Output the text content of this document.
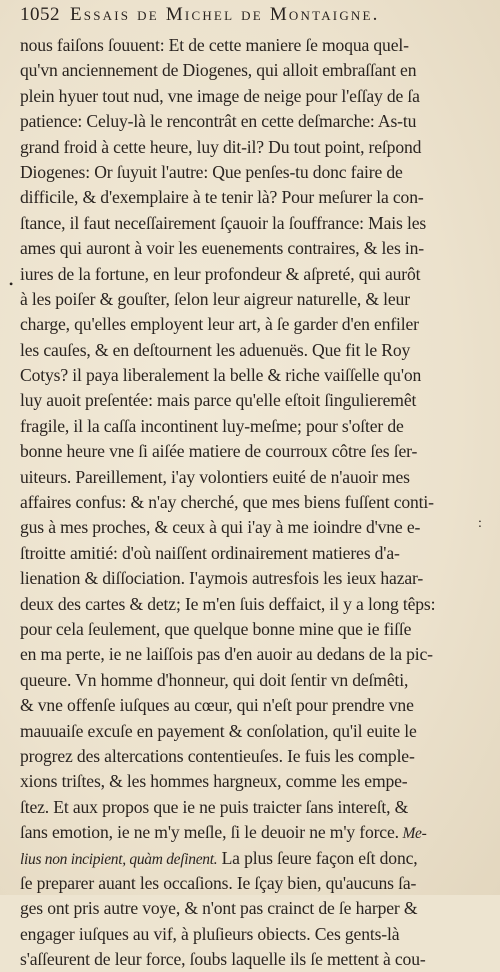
1052 Essais de Michel de Montaigne.
•
:
nous faiſons ſouuent: Et de cette maniere ſe moqua quel-
qu'vn anciennement de Diogenes, qui alloit embraſſant en
plein hyuer tout nud, vne image de neige pour l'eſſay de ſa
patience: Celuy-là le rencontrât en cette deſmarche: As-tu
grand froid à cette heure, luy dit-il? Du tout point, reſpond
Diogenes: Or ſuyuit l'autre: Que penſes-tu donc faire de
difficile, & d'exemplaire à te tenir là? Pour meſurer la con-
ſtance, il faut neceſſairement ſçauoir la ſouffrance: Mais les
ames qui auront à voir les euenements contraires, & les in-
iures de la fortune, en leur profondeur & aſpreté, qui aurôt
à les poiſer & gouſter, ſelon leur aigreur naturelle, & leur
charge, qu'elles employent leur art, à ſe garder d'en enfiler
les cauſes, & en deſtournent les aduenuës. Que fit le Roy
Cotys? il paya liberalement la belle & riche vaiſſelle qu'on
luy auoit preſentée: mais parce qu'elle eſtoit ſingulieremêt
fragile, il la caſſa incontinent luy-meſme; pour s'oſter de
bonne heure vne ſi aiſée matiere de courroux côtre ſes ſer-
uiteurs. Pareillement, i'ay volontiers euité de n'auoir mes
affaires confus: & n'ay cherché, que mes biens fuſſent conti-
gus à mes proches, & ceux à qui i'ay à me ioindre d'vne e-
ſtroitte amitié: d'où naiſſent ordinairement matieres d'a-
lienation & diſſociation. I'aymois autresfois les ieux hazar-
deux des cartes & detz; Ie m'en ſuis deffaict, il y a long têps:
pour cela ſeulement, que quelque bonne mine que ie fiſſe
en ma perte, ie ne laiſſois pas d'en auoir au dedans de la pic-
queure. Vn homme d'honneur, qui doit ſentir vn deſmêti,
& vne offenſe iuſques au cœur, qui n'eſt pour prendre vne
mauuaiſe excuſe en payement & conſolation, qu'il euite le
progrez des altercations contentieuſes. Ie fuis les comple-
xions triſtes, & les hommes hargneux, comme les empe-
ſtez. Et aux propos que ie ne puis traicter ſans intereſt, &
ſans emotion, ie ne m'y meſle, ſi le deuoir ne m'y force. Me-
lius non incipient, quàm deſinent. La plus ſeure façon eſt donc,
ſe preparer auant les occaſions. Ie ſçay bien, qu'aucuns ſa-
ges ont pris autre voye, & n'ont pas crainct de ſe harper &
engager iuſques au vif, à pluſieurs obiects. Ces gents-là
s'aſſeurent de leur force, ſoubs laquelle ils ſe mettent à cou-
